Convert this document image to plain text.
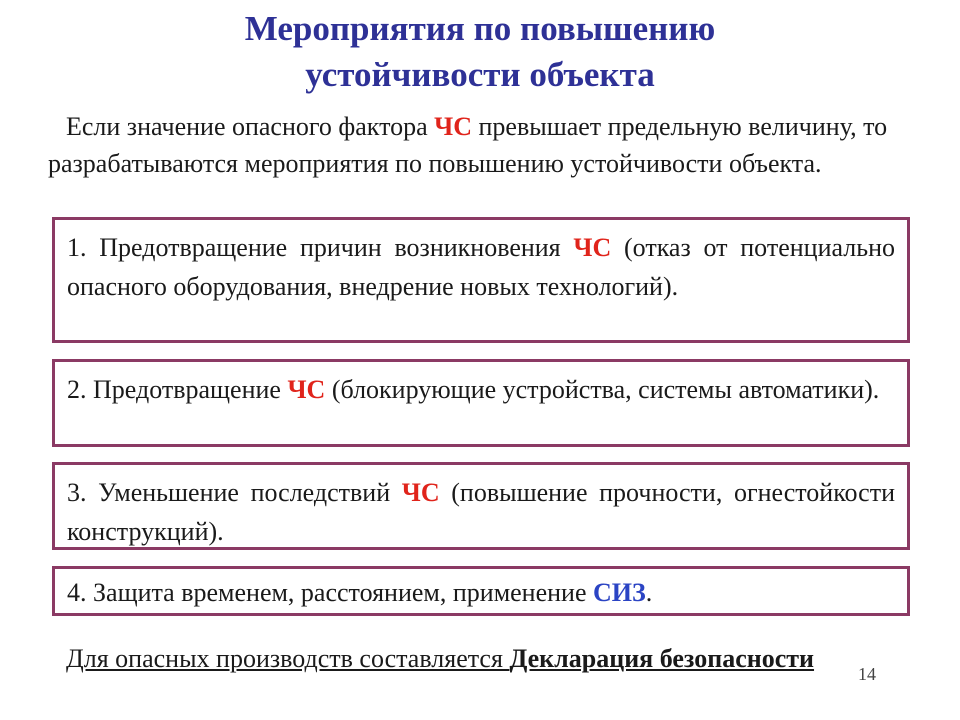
Мероприятия по повышению
устойчивости объекта
Если значение опасного фактора ЧС превышает предельную величину, то разрабатываются мероприятия по повышению устойчивости объекта.
1. Предотвращение причин возникновения ЧС (отказ от потенциально опасного оборудования, внедрение новых технологий).
2. Предотвращение ЧС (блокирующие устройства, системы автоматики).
3. Уменьшение последствий ЧС (повышение прочности, огнестойкости конструкций).
4. Защита временем, расстоянием, применение СИЗ.
Для опасных производств составляется Декларация безопасности
14
